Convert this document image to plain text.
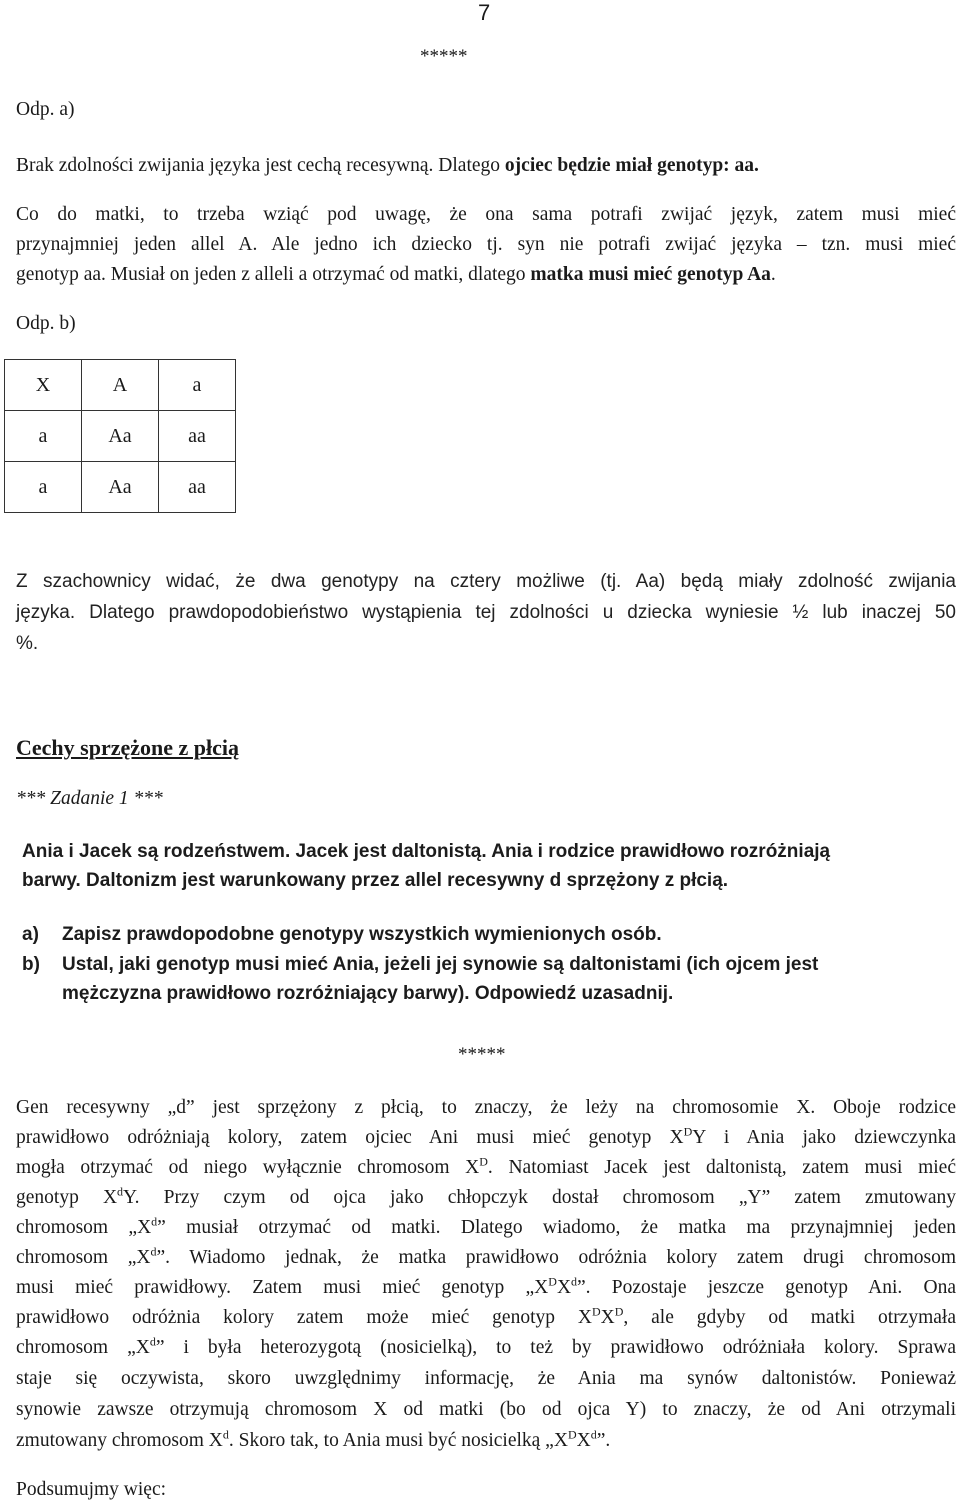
7
*****
Odp. a)
Brak zdolności zwijania języka jest cechą recesywną. Dlatego ojciec będzie miał genotyp: aa.
Co do matki, to trzeba wziąć pod uwagę, że ona sama potrafi zwijać język, zatem musi mieć
przynajmniej jeden allel A. Ale jedno ich dziecko tj. syn nie potrafi zwijać języka – tzn. musi mieć
genotyp aa. Musiał on jeden z alleli a otrzymać od matki, dlatego matka musi mieć genotyp Aa.
Odp. b)
X	A	a
a	Aa	aa
a	Aa	aa
Z szachownicy widać, że dwa genotypy na cztery możliwe (tj. Aa) będą miały zdolność zwijania
języka. Dlatego prawdopodobieństwo wystąpienia tej zdolności u dziecka wyniesie ½ lub inaczej 50
%.
Cechy sprzężone z płcią
*** Zadanie 1 ***
Ania i Jacek są rodzeństwem. Jacek jest daltonistą. Ania i rodzice prawidłowo rozróżniają
barwy. Daltonizm jest warunkowany przez allel recesywny d sprzężony z płcią.
a) Zapisz prawdopodobne genotypy wszystkich wymienionych osób.
b) Ustal, jaki genotyp musi mieć Ania, jeżeli jej synowie są daltonistami (ich ojcem jest
mężczyzna prawidłowo rozróżniający barwy). Odpowiedź uzasadnij.
*****
Gen recesywny „d” jest sprzężony z płcią, to znaczy, że leży na chromosomie X. Oboje rodzice
prawidłowo odróżniają kolory, zatem ojciec Ani musi mieć genotyp $X^DY$ i Ania jako dziewczynka
mogła otrzymać od niego wyłącznie chromosom $X^D$. Natomiast Jacek jest daltonistą, zatem musi mieć
genotyp $X^dY$. Przy czym od ojca jako chłopczyk dostał chromosom „Y” zatem zmutowany
chromosom $„X^d$” musiał otrzymać od matki. Dlatego wiadomo, że matka ma przynajmniej jeden
chromosom $„X^d$”. Wiadomo jednak, że matka prawidłowo odróżnia kolory zatem drugi chromosom
musi mieć prawidłowy. Zatem musi mieć genotyp $„X^DX^d$”. Pozostaje jeszcze genotyp Ani. Ona
prawidłowo odróżnia kolory zatem może mieć genotyp $X^DX^D$, ale gdyby od matki otrzymała
chromosom $„X^d$” i była heterozygotą (nosicielką), to też by prawidłowo odróżniała kolory. Sprawa
staje się oczywista, skoro uwzględnimy informację, że Ania ma synów daltonistów. Ponieważ
synowie zawsze otrzymują chromosom X od matki (bo od ojca Y) to znaczy, że od Ani otrzymali
zmutowany chromosom $X^d$. Skoro tak, to Ania musi być nosicielką $„X^DX^d$”.
Podsumujmy więc:
